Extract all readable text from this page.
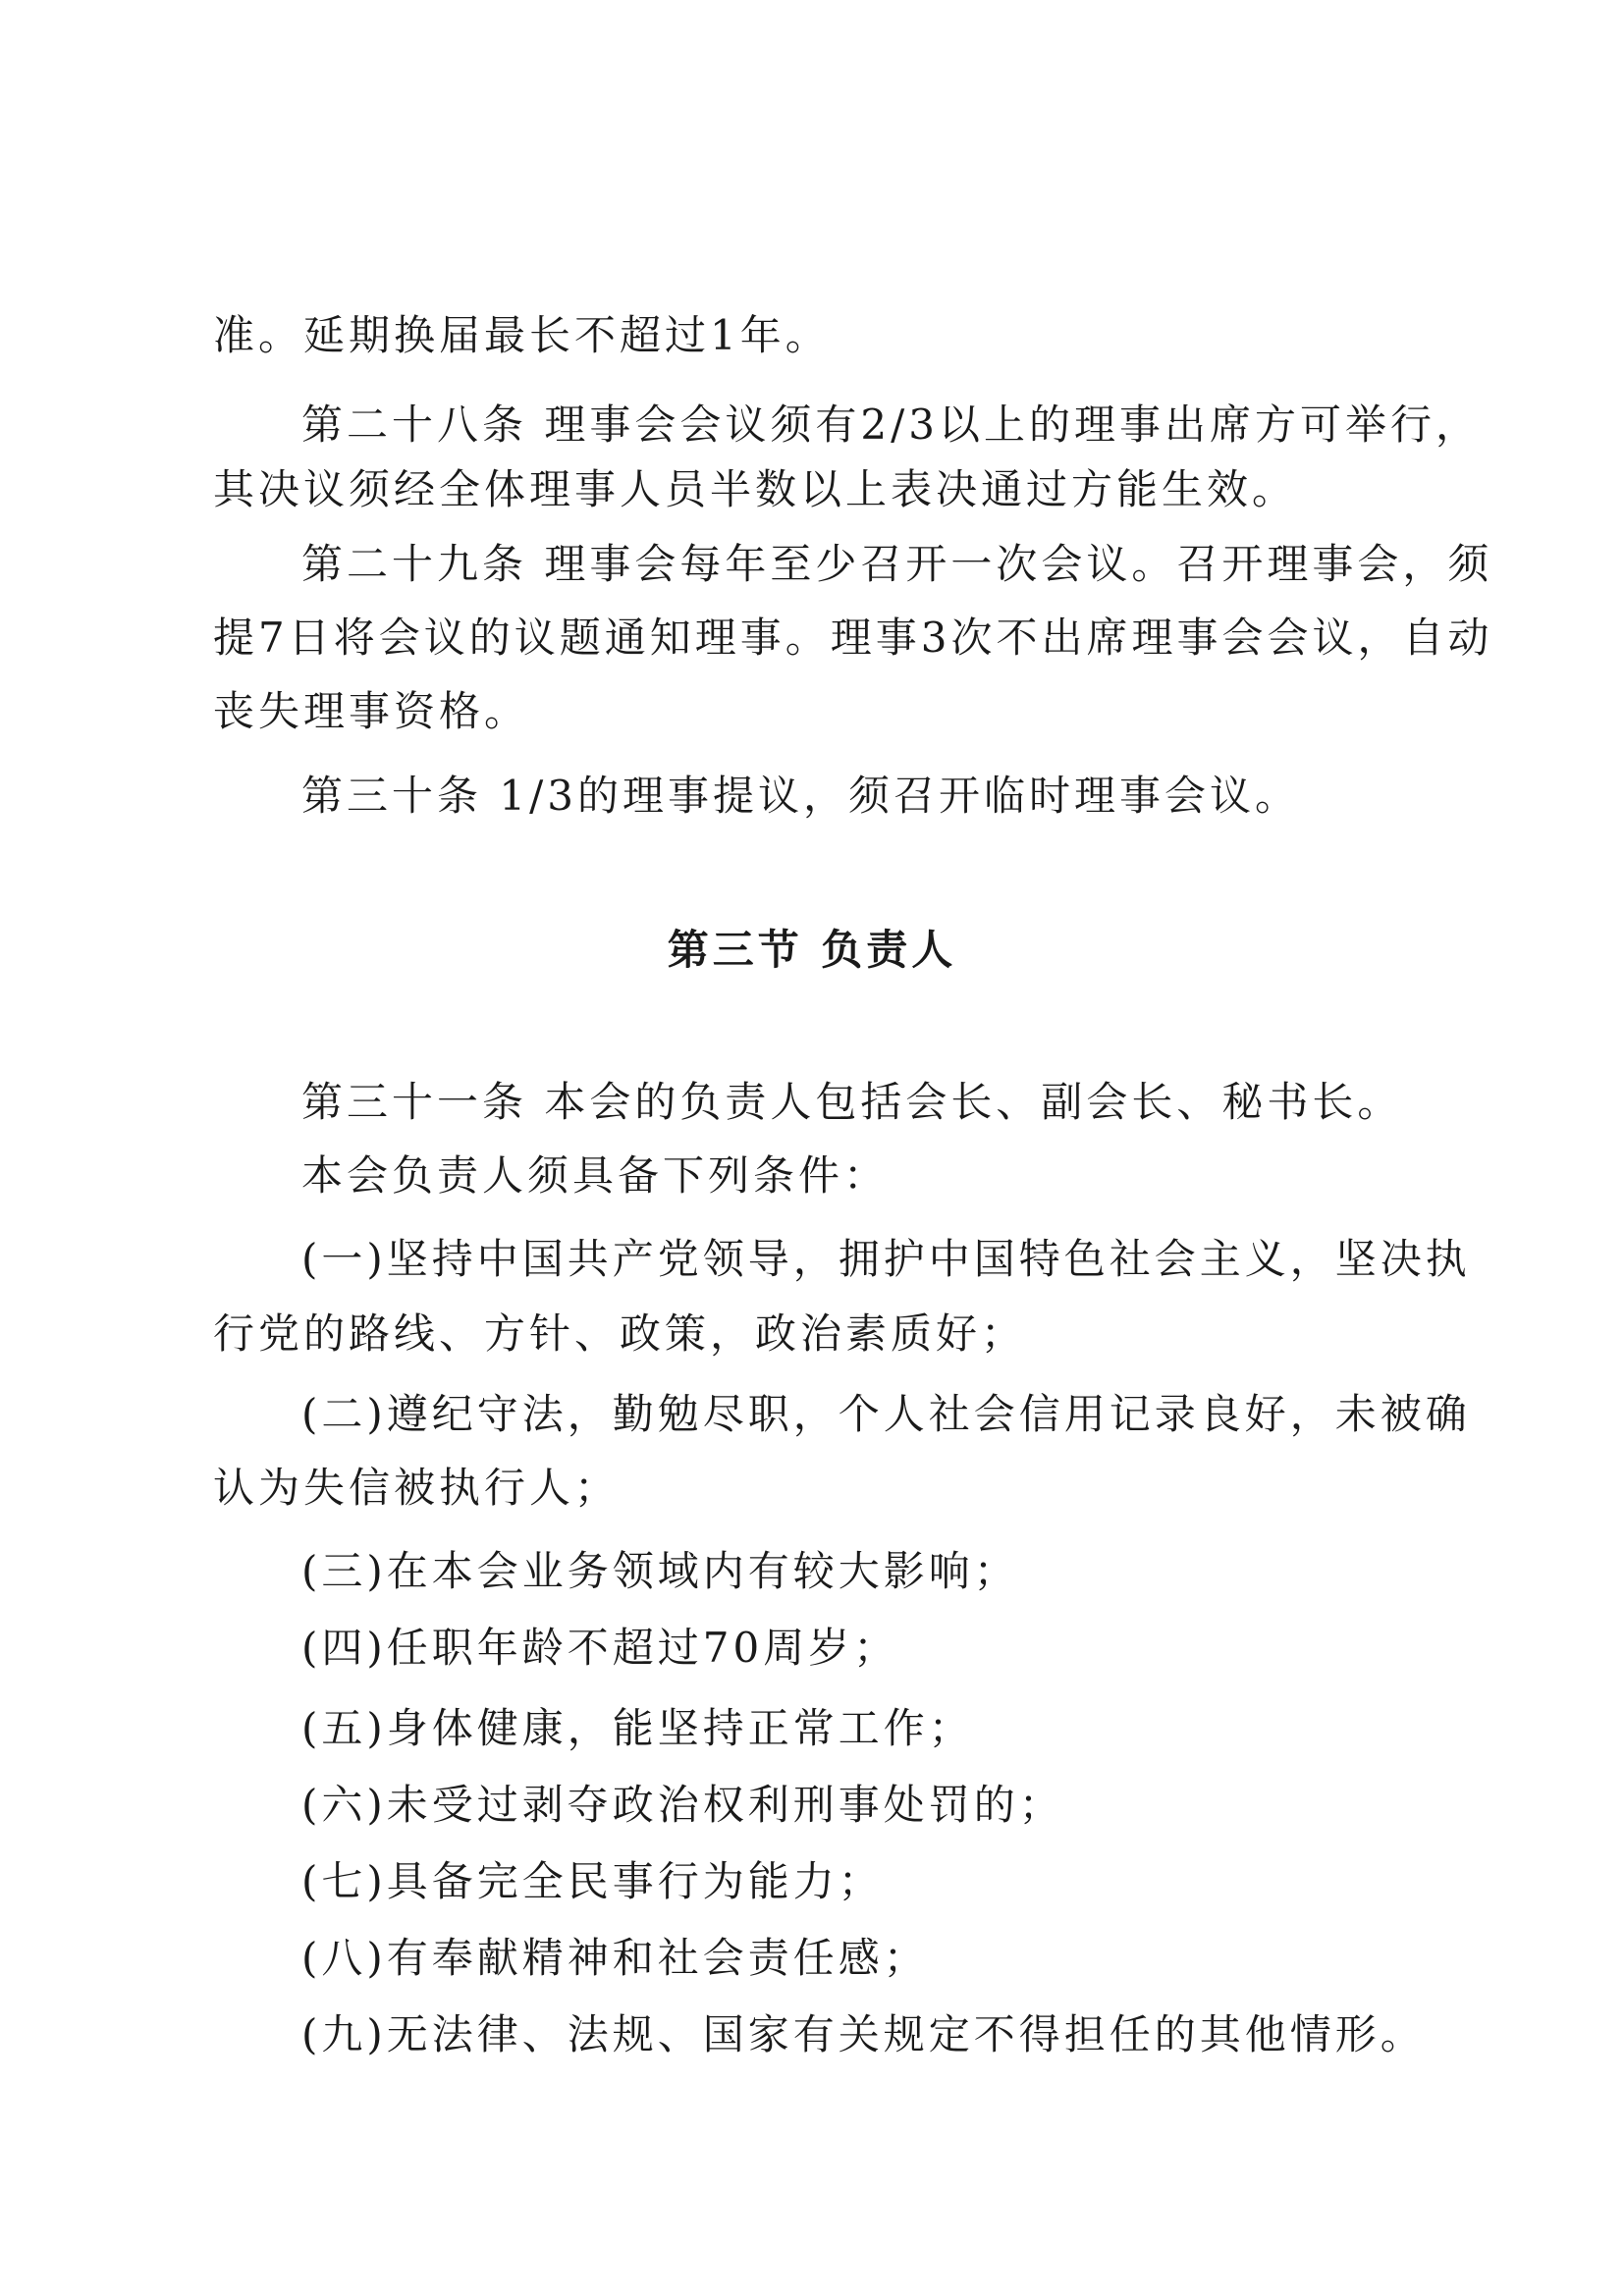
准。延期换届最长不超过1年。
第二十八条 理事会会议须有2/3以上的理事出席方可举行，
其决议须经全体理事人员半数以上表决通过方能生效。
第二十九条 理事会每年至少召开一次会议。召开理事会，须
提7日将会议的议题通知理事。理事3次不出席理事会会议，自动
丧失理事资格。
第三十条 1/3的理事提议，须召开临时理事会议。
第三节 负责人
第三十一条 本会的负责人包括会长、副会长、秘书长。
本会负责人须具备下列条件：
(一)坚持中国共产党领导，拥护中国特色社会主义，坚决执
行党的路线、方针、政策，政治素质好；
(二)遵纪守法，勤勉尽职，个人社会信用记录良好，未被确
认为失信被执行人；
(三)在本会业务领域内有较大影响；
(四)任职年龄不超过70周岁；
(五)身体健康，能坚持正常工作；
(六)未受过剥夺政治权利刑事处罚的；
(七)具备完全民事行为能力；
(八)有奉献精神和社会责任感；
(九)无法律、法规、国家有关规定不得担任的其他情形。
